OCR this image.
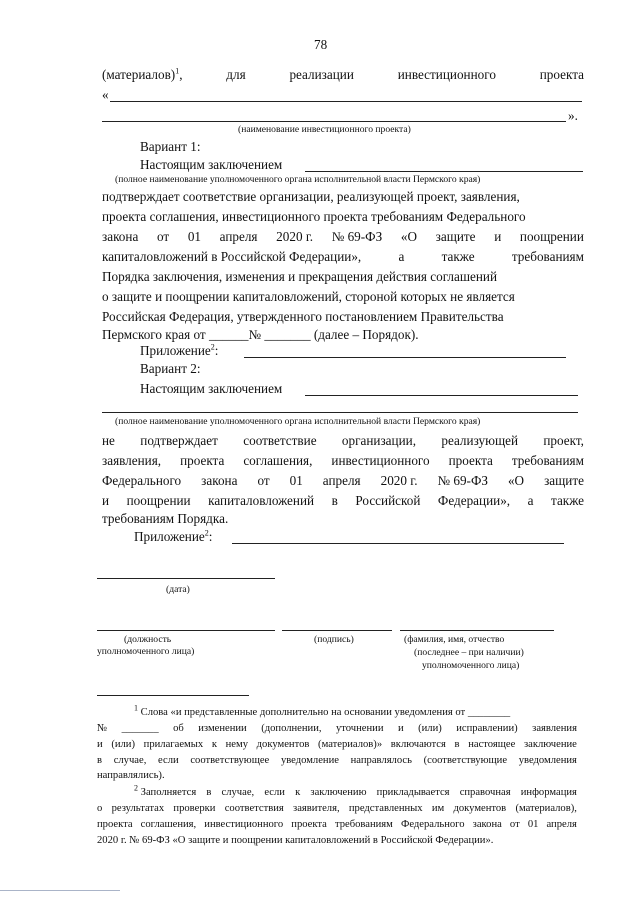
78
(материалов)$^1$,	для	реализации	инвестиционного	проекта
«
».
(наименование инвестиционного проекта)
Вариант 1:
Настоящим заключением
(полное наименование уполномоченного органа исполнительной власти Пермского края)
подтверждает соответствие организации, реализующей проект, заявления,
проекта соглашения, инвестиционного проекта требованиям Федерального
закона от 01 апреля 2020 г. № 69-ФЗ «О защите и поощрении
капиталовложений в Российской Федерации»,	а	также	требованиям
Порядка заключения, изменения и прекращения действия соглашений
о защите и поощрении капиталовложений, стороной которых не является
Российская Федерация, утвержденного постановлением Правительства
Пермского края от ______№ _______ (далее – Порядок).
Приложение$^2$:
Вариант 2:
Настоящим заключением
(полное наименование уполномоченного органа исполнительной власти Пермского края)
не подтверждает соответствие организации, реализующей проект,
заявления, проекта соглашения, инвестиционного проекта требованиям
Федерального закона от 01 апреля 2020 г. № 69-ФЗ «О защите
и поощрении капиталовложений в Российской Федерации», а также
требованиям Порядка.
Приложение$^2$:
(дата)
(должность
уполномоченного лица)
(подпись)	(фамилия, имя, отчество
(последнее – при наличии)
уполномоченного лица)
$^1$ Слова «и представленные дополнительно на основании уведомления от ________
№ _______ об изменении (дополнении, уточнении и (или) исправлении) заявления
и (или) прилагаемых к нему документов (материалов)» включаются в настоящее заключение
в случае, если соответствующее уведомление направлялось (соответствующие уведомления
направлялись).
$^2$ Заполняется в случае, если к заключению прикладывается справочная информация
о результатах проверки соответствия заявителя, представленных им документов (материалов),
проекта соглашения, инвестиционного проекта требованиям Федерального закона от 01 апреля
2020 г. № 69-ФЗ «О защите и поощрении капиталовложений в Российской Федерации».
